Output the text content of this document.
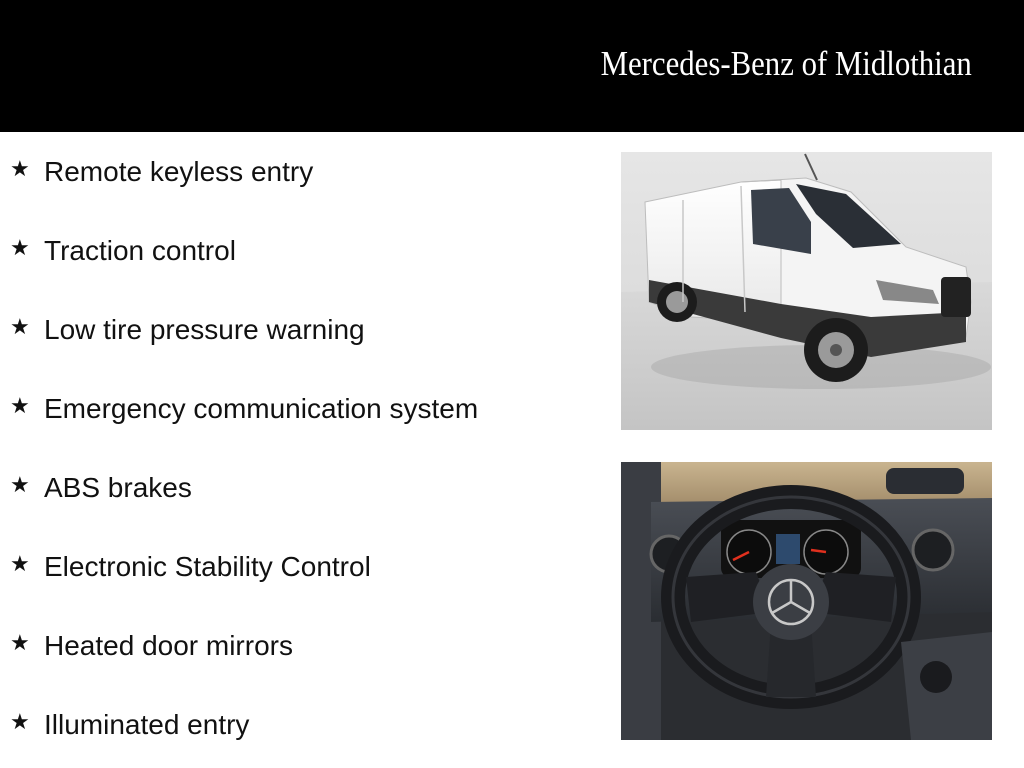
Mercedes-Benz of Midlothian
★ Remote keyless entry
★ Traction control
★ Low tire pressure warning
★ Emergency communication system
★ ABS brakes
★ Electronic Stability Control
★ Heated door mirrors
★ Illuminated entry
